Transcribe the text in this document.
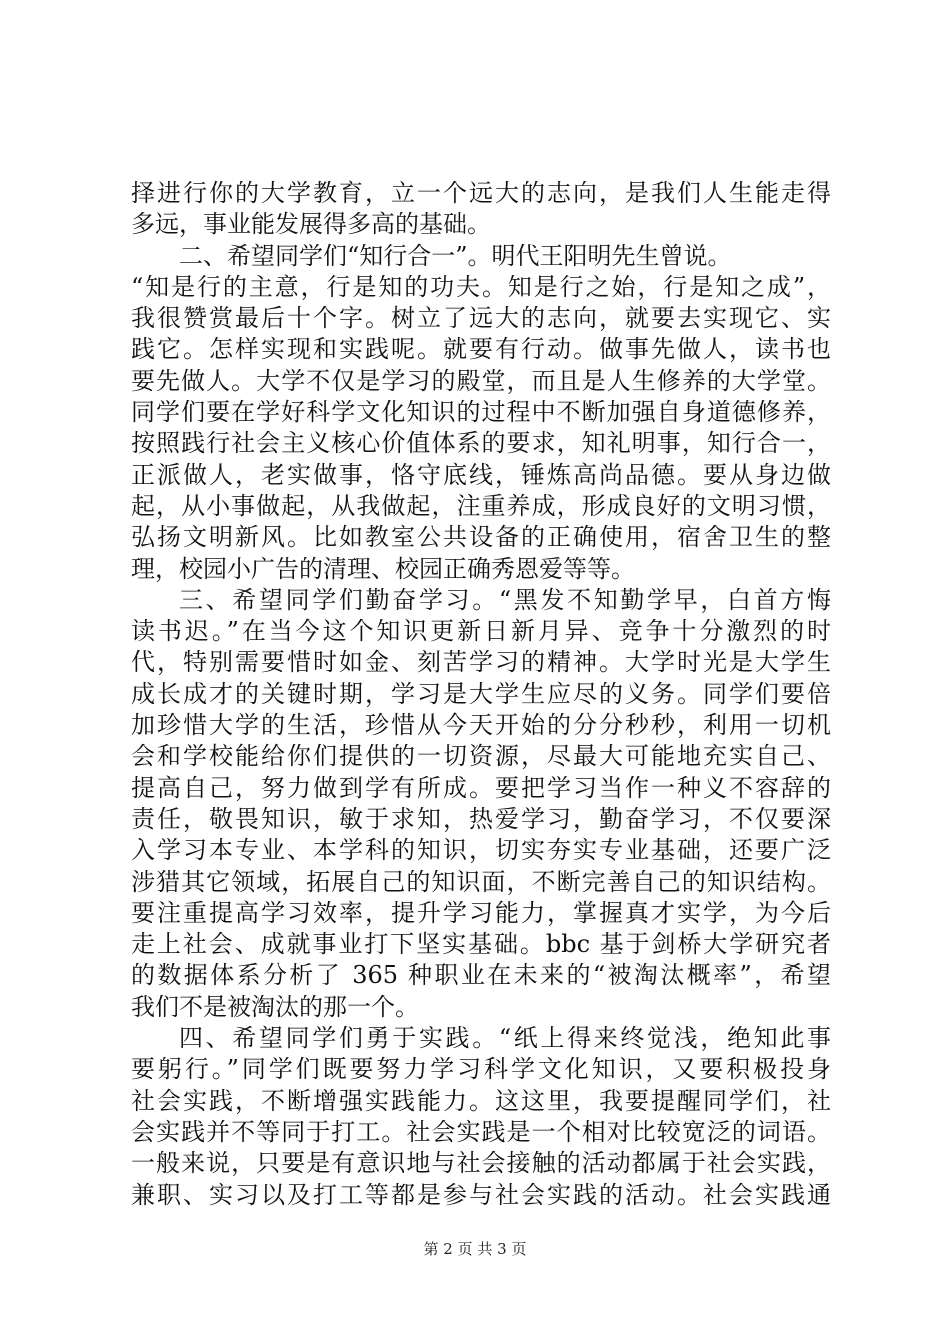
择进行你的大学教育，立一个远大的志向，是我们人生能走得
多远，事业能发展得多高的基础。
二、希望同学们“知行合一”。明代王阳明先生曾说。
“知是行的主意，行是知的功夫。知是行之始，行是知之成”，
我很赞赏最后十个字。树立了远大的志向，就要去实现它、实
践它。怎样实现和实践呢。就要有行动。做事先做人，读书也
要先做人。大学不仅是学习的殿堂，而且是人生修养的大学堂。
同学们要在学好科学文化知识的过程中不断加强自身道德修养，
按照践行社会主义核心价值体系的要求，知礼明事，知行合一，
正派做人，老实做事，恪守底线，锤炼高尚品德。要从身边做
起，从小事做起，从我做起，注重养成，形成良好的文明习惯，
弘扬文明新风。比如教室公共设备的正确使用，宿舍卫生的整
理，校园小广告的清理、校园正确秀恩爱等等。
三、希望同学们勤奋学习。“黑发不知勤学早，白首方悔
读书迟。”在当今这个知识更新日新月异、竞争十分激烈的时
代，特别需要惜时如金、刻苦学习的精神。大学时光是大学生
成长成才的关键时期，学习是大学生应尽的义务。同学们要倍
加珍惜大学的生活，珍惜从今天开始的分分秒秒，利用一切机
会和学校能给你们提供的一切资源，尽最大可能地充实自己、
提高自己，努力做到学有所成。要把学习当作一种义不容辞的
责任，敬畏知识，敏于求知，热爱学习，勤奋学习，不仅要深
入学习本专业、本学科的知识，切实夯实专业基础，还要广泛
涉猎其它领域，拓展自己的知识面，不断完善自己的知识结构。
要注重提高学习效率，提升学习能力，掌握真才实学，为今后
走上社会、成就事业打下坚实基础。bbc 基于剑桥大学研究者
的数据体系分析了 365 种职业在未来的“被淘汰概率”，希望
我们不是被淘汰的那一个。
四、希望同学们勇于实践。“纸上得来终觉浅，绝知此事
要躬行。”同学们既要努力学习科学文化知识，又要积极投身
社会实践，不断增强实践能力。这这里，我要提醒同学们，社
会实践并不等同于打工。社会实践是一个相对比较宽泛的词语。
一般来说，只要是有意识地与社会接触的活动都属于社会实践，
兼职、实习以及打工等都是参与社会实践的活动。社会实践通
第 2 页 共 3 页
